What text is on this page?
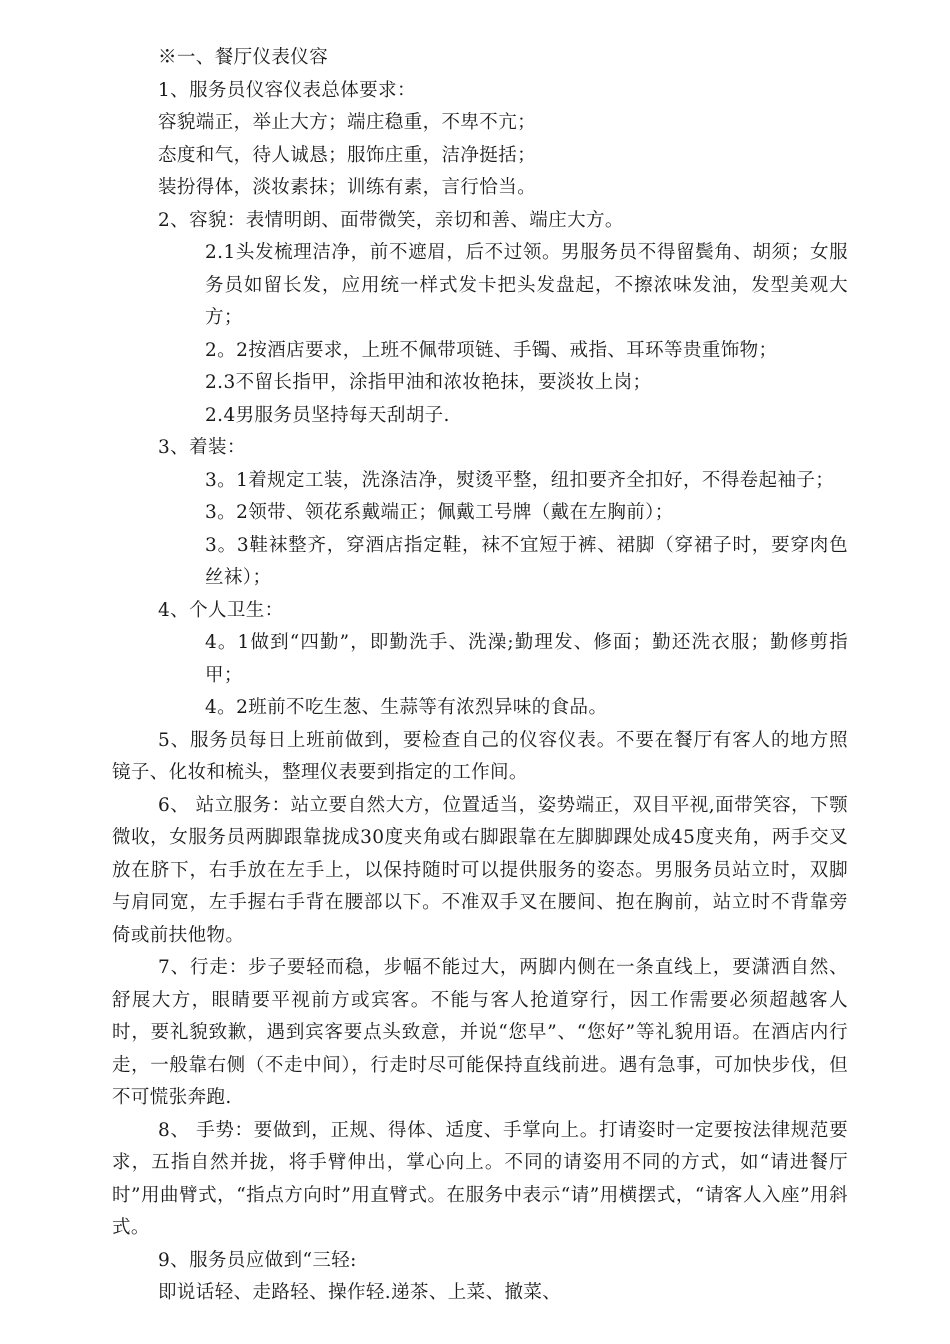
※一、餐厅仪表仪容
1、服务员仪容仪表总体要求：
容貌端正，举止大方；端庄稳重，不卑不亢；
态度和气，待人诚恳；服饰庄重，洁净挺括；
装扮得体，淡妆素抹；训练有素，言行恰当。
2、容貌：表情明朗、面带微笑，亲切和善、端庄大方。
2.1头发梳理洁净，前不遮眉，后不过领。男服务员不得留鬓角、胡须；女服务员如留长发，应用统一样式发卡把头发盘起，不擦浓味发油，发型美观大方；
2。2按酒店要求，上班不佩带项链、手镯、戒指、耳环等贵重饰物；
2.3不留长指甲，涂指甲油和浓妆艳抹，要淡妆上岗；
2.4男服务员坚持每天刮胡子.
3、着装：
3。1着规定工装，洗涤洁净，熨烫平整，纽扣要齐全扣好，不得卷起袖子；
3。2领带、领花系戴端正；佩戴工号牌（戴在左胸前）；
3。3鞋袜整齐，穿酒店指定鞋，袜不宜短于裤、裙脚（穿裙子时，要穿肉色丝袜）；
4、个人卫生：
4。1做到“四勤”，即勤洗手、洗澡;勤理发、修面；勤还洗衣服；勤修剪指甲；
4。2班前不吃生葱、生蒜等有浓烈异味的食品。
5、服务员每日上班前做到，要检查自己的仪容仪表。不要在餐厅有客人的地方照镜子、化妆和梳头，整理仪表要到指定的工作间。
6、 站立服务：站立要自然大方，位置适当，姿势端正，双目平视,面带笑容，下颚微收，女服务员两脚跟靠拢成30度夹角或右脚跟靠在左脚脚踝处成45度夹角，两手交叉放在脐下，右手放在左手上，以保持随时可以提供服务的姿态。男服务员站立时，双脚与肩同宽，左手握右手背在腰部以下。不准双手叉在腰间、抱在胸前，站立时不背靠旁倚或前扶他物。
7、行走：步子要轻而稳，步幅不能过大，两脚内侧在一条直线上，要潇洒自然、舒展大方，眼睛要平视前方或宾客。不能与客人抢道穿行，因工作需要必须超越客人时，要礼貌致歉，遇到宾客要点头致意，并说“您早”、“您好”等礼貌用语。在酒店内行走，一般靠右侧（不走中间），行走时尽可能保持直线前进。遇有急事，可加快步伐，但不可慌张奔跑.
8、 手势：要做到，正规、得体、适度、手掌向上。打请姿时一定要按法律规范要求，五指自然并拢，将手臂伸出，掌心向上。不同的请姿用不同的方式，如“请进餐厅时”用曲臂式，“指点方向时”用直臂式。在服务中表示“请”用横摆式，“请客人入座”用斜式。
9、服务员应做到“三轻:
即说话轻、走路轻、操作轻.递茶、上菜、撤菜、
